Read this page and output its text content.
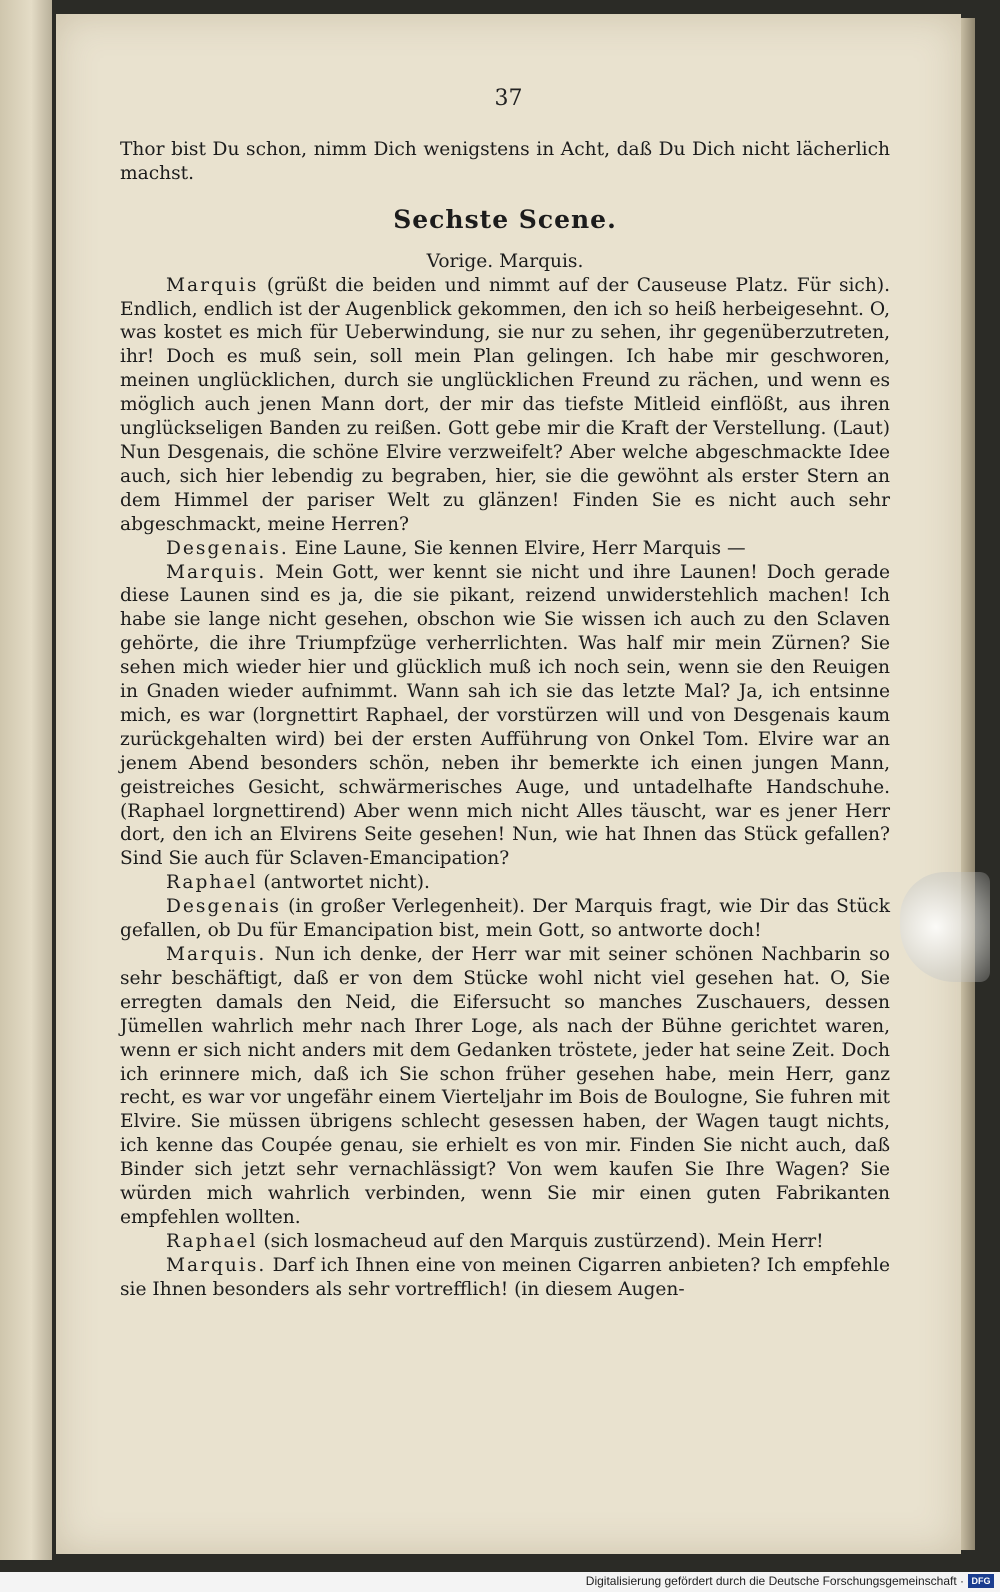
37

Thor bist Du schon, nimm Dich wenigstens in Acht, daß Du Dich nicht lächerlich machst.

Sechste Scene.

Vorige. Marquis.

Marquis (grüßt die beiden und nimmt auf der Causeuse Platz. Für sich). Endlich, endlich ist der Augenblick gekommen, den ich so heiß herbeigesehnt. O, was kostet es mich für Ueberwindung, sie nur zu sehen, ihr gegenüberzutreten, ihr! Doch es muß sein, soll mein Plan gelingen. Ich habe mir geschworen, meinen unglücklichen, durch sie unglücklichen Freund zu rächen, und wenn es möglich auch jenen Mann dort, der mir das tiefste Mitleid einflößt, aus ihren unglückseligen Banden zu reißen. Gott gebe mir die Kraft der Verstellung. (Laut) Nun Desgenais, die schöne Elvire verzweifelt? Aber welche abgeschmackte Idee auch, sich hier lebendig zu begraben, hier, sie die gewöhnt als erster Stern an dem Himmel der pariser Welt zu glänzen! Finden Sie es nicht auch sehr abgeschmackt, meine Herren?

Desgenais. Eine Laune, Sie kennen Elvire, Herr Marquis —

Marquis. Mein Gott, wer kennt sie nicht und ihre Launen! Doch gerade diese Launen sind es ja, die sie pikant, reizend unwiderstehlich machen! Ich habe sie lange nicht gesehen, obschon wie Sie wissen ich auch zu den Sclaven gehörte, die ihre Triumpfzüge verherrlichten. Was half mir mein Zürnen? Sie sehen mich wieder hier und glücklich muß ich noch sein, wenn sie den Reuigen in Gnaden wieder aufnimmt. Wann sah ich sie das letzte Mal? Ja, ich entsinne mich, es war (lorgnettirt Raphael, der vorstürzen will und von Desgenais kaum zurückgehalten wird) bei der ersten Aufführung von Onkel Tom. Elvire war an jenem Abend besonders schön, neben ihr bemerkte ich einen jungen Mann, geistreiches Gesicht, schwärmerisches Auge, und untadelhafte Handschuhe. (Raphael lorgnettirend) Aber wenn mich nicht Alles täuscht, war es jener Herr dort, den ich an Elvirens Seite gesehen! Nun, wie hat Ihnen das Stück gefallen? Sind Sie auch für Sclaven-Emancipation?

Raphael (antwortet nicht).

Desgenais (in großer Verlegenheit). Der Marquis fragt, wie Dir das Stück gefallen, ob Du für Emancipation bist, mein Gott, so antworte doch!

Marquis. Nun ich denke, der Herr war mit seiner schönen Nachbarin so sehr beschäftigt, daß er von dem Stücke wohl nicht viel gesehen hat. O, Sie erregten damals den Neid, die Eifersucht so manches Zuschauers, dessen Jümellen wahrlich mehr nach Ihrer Loge, als nach der Bühne gerichtet waren, wenn er sich nicht anders mit dem Gedanken tröstete, jeder hat seine Zeit. Doch ich erinnere mich, daß ich Sie schon früher gesehen habe, mein Herr, ganz recht, es war vor ungefähr einem Vierteljahr im Bois de Boulogne, Sie fuhren mit Elvire. Sie müssen übrigens schlecht gesessen haben, der Wagen taugt nichts, ich kenne das Coupée genau, sie erhielt es von mir. Finden Sie nicht auch, daß Binder sich jetzt sehr vernachlässigt? Von wem kaufen Sie Ihre Wagen? Sie würden mich wahrlich verbinden, wenn Sie mir einen guten Fabrikanten empfehlen wollten.

Raphael (sich losmacheud auf den Marquis zustürzend). Mein Herr!

Marquis. Darf ich Ihnen eine von meinen Cigarren anbieten? Ich empfehle sie Ihnen besonders als sehr vortrefflich! (in diesem Augen-

Digitalisierung gefördert durch die Deutsche Forschungsgemeinschaft · DFG
